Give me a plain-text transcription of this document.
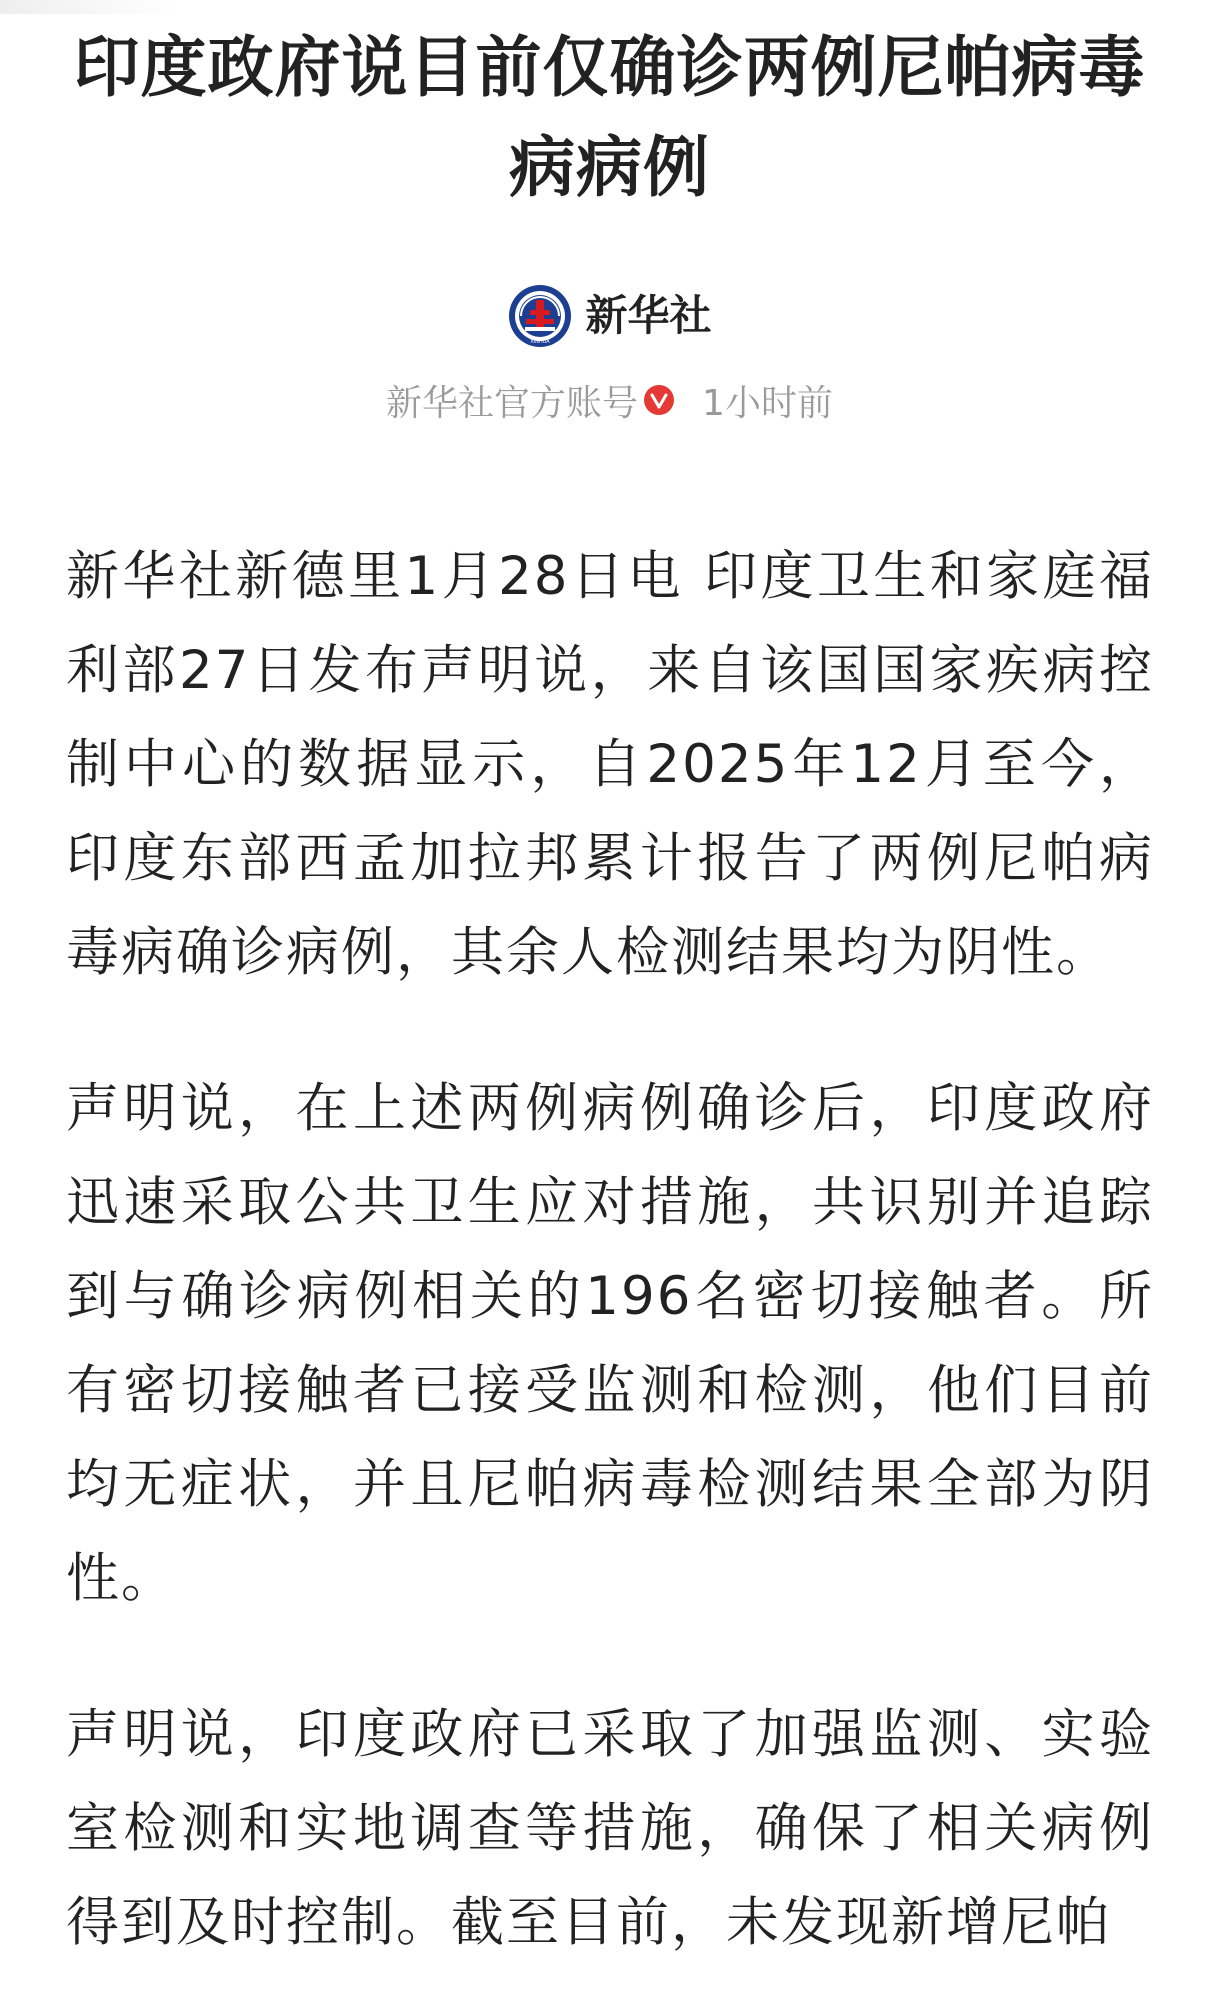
印度政府说目前仅确诊两例尼帕病毒病病例
XINHUA
新华社
新华社官方账号 1小时前

新华社新德里1月28日电 印度卫生和家庭福利部27日发布声明说，来自该国国家疾病控制中心的数据显示，自2025年12月至今，印度东部西孟加拉邦累计报告了两例尼帕病毒病确诊病例，其余人检测结果均为阴性。

声明说，在上述两例病例确诊后，印度政府迅速采取公共卫生应对措施，共识别并追踪到与确诊病例相关的196名密切接触者。所有密切接触者已接受监测和检测，他们目前均无症状，并且尼帕病毒检测结果全部为阴性。

声明说，印度政府已采取了加强监测、实验室检测和实地调查等措施，确保了相关病例得到及时控制。截至目前，未发现新增尼帕
